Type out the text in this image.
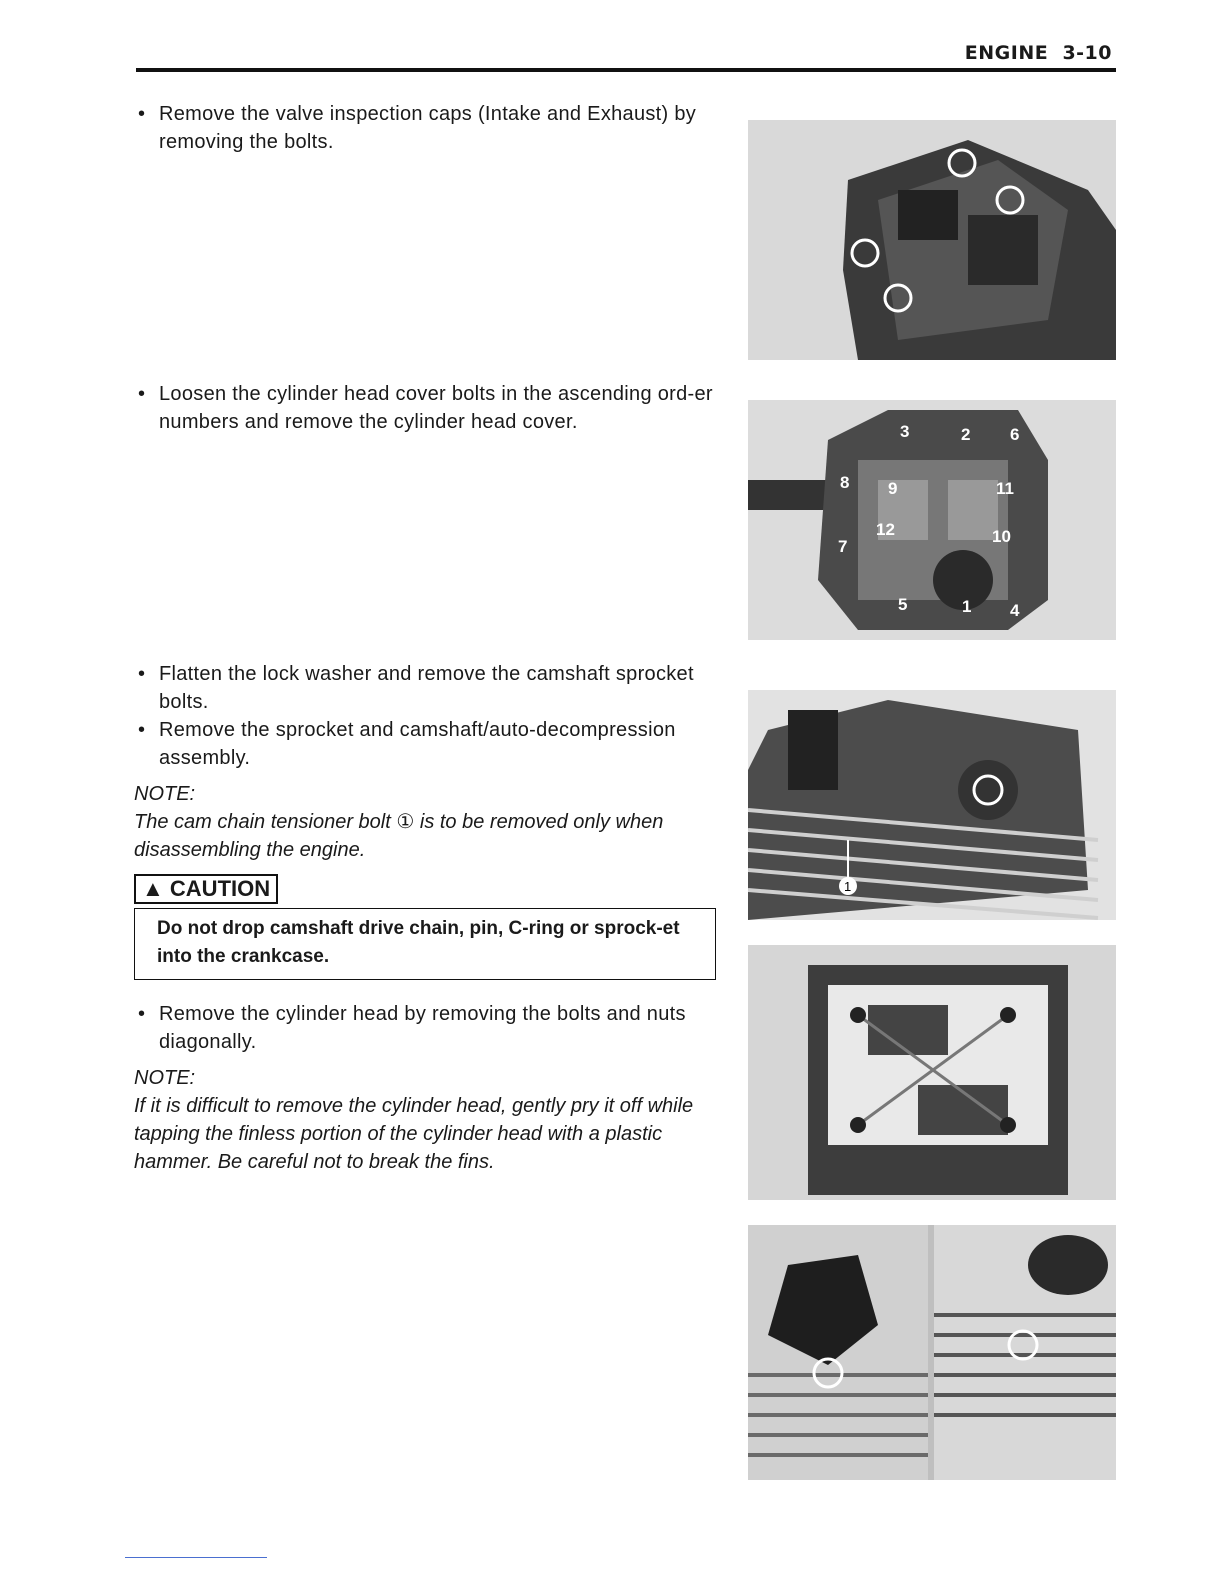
ENGINE 3-10
• Remove the valve inspection caps (Intake and Exhaust) by removing the bolts.
• Loosen the cylinder head cover bolts in the ascending ord-er numbers and remove the cylinder head cover.
• Flatten the lock washer and remove the camshaft sprocket bolts.
• Remove the sprocket and camshaft/auto-decompression assembly.
NOTE:
The cam chain tensioner bolt ① is to be removed only when disassembling the engine.
▲ CAUTION
Do not drop camshaft drive chain, pin, C-ring or sprock-et into the crankcase.
• Remove the cylinder head by removing the bolts and nuts diagonally.
NOTE:
If it is difficult to remove the cylinder head, gently pry it off while tapping the finless portion of the cylinder head with a plastic hammer. Be careful not to break the fins.
3	2 6
8 9	11
12	10
7
5	1 4
1
